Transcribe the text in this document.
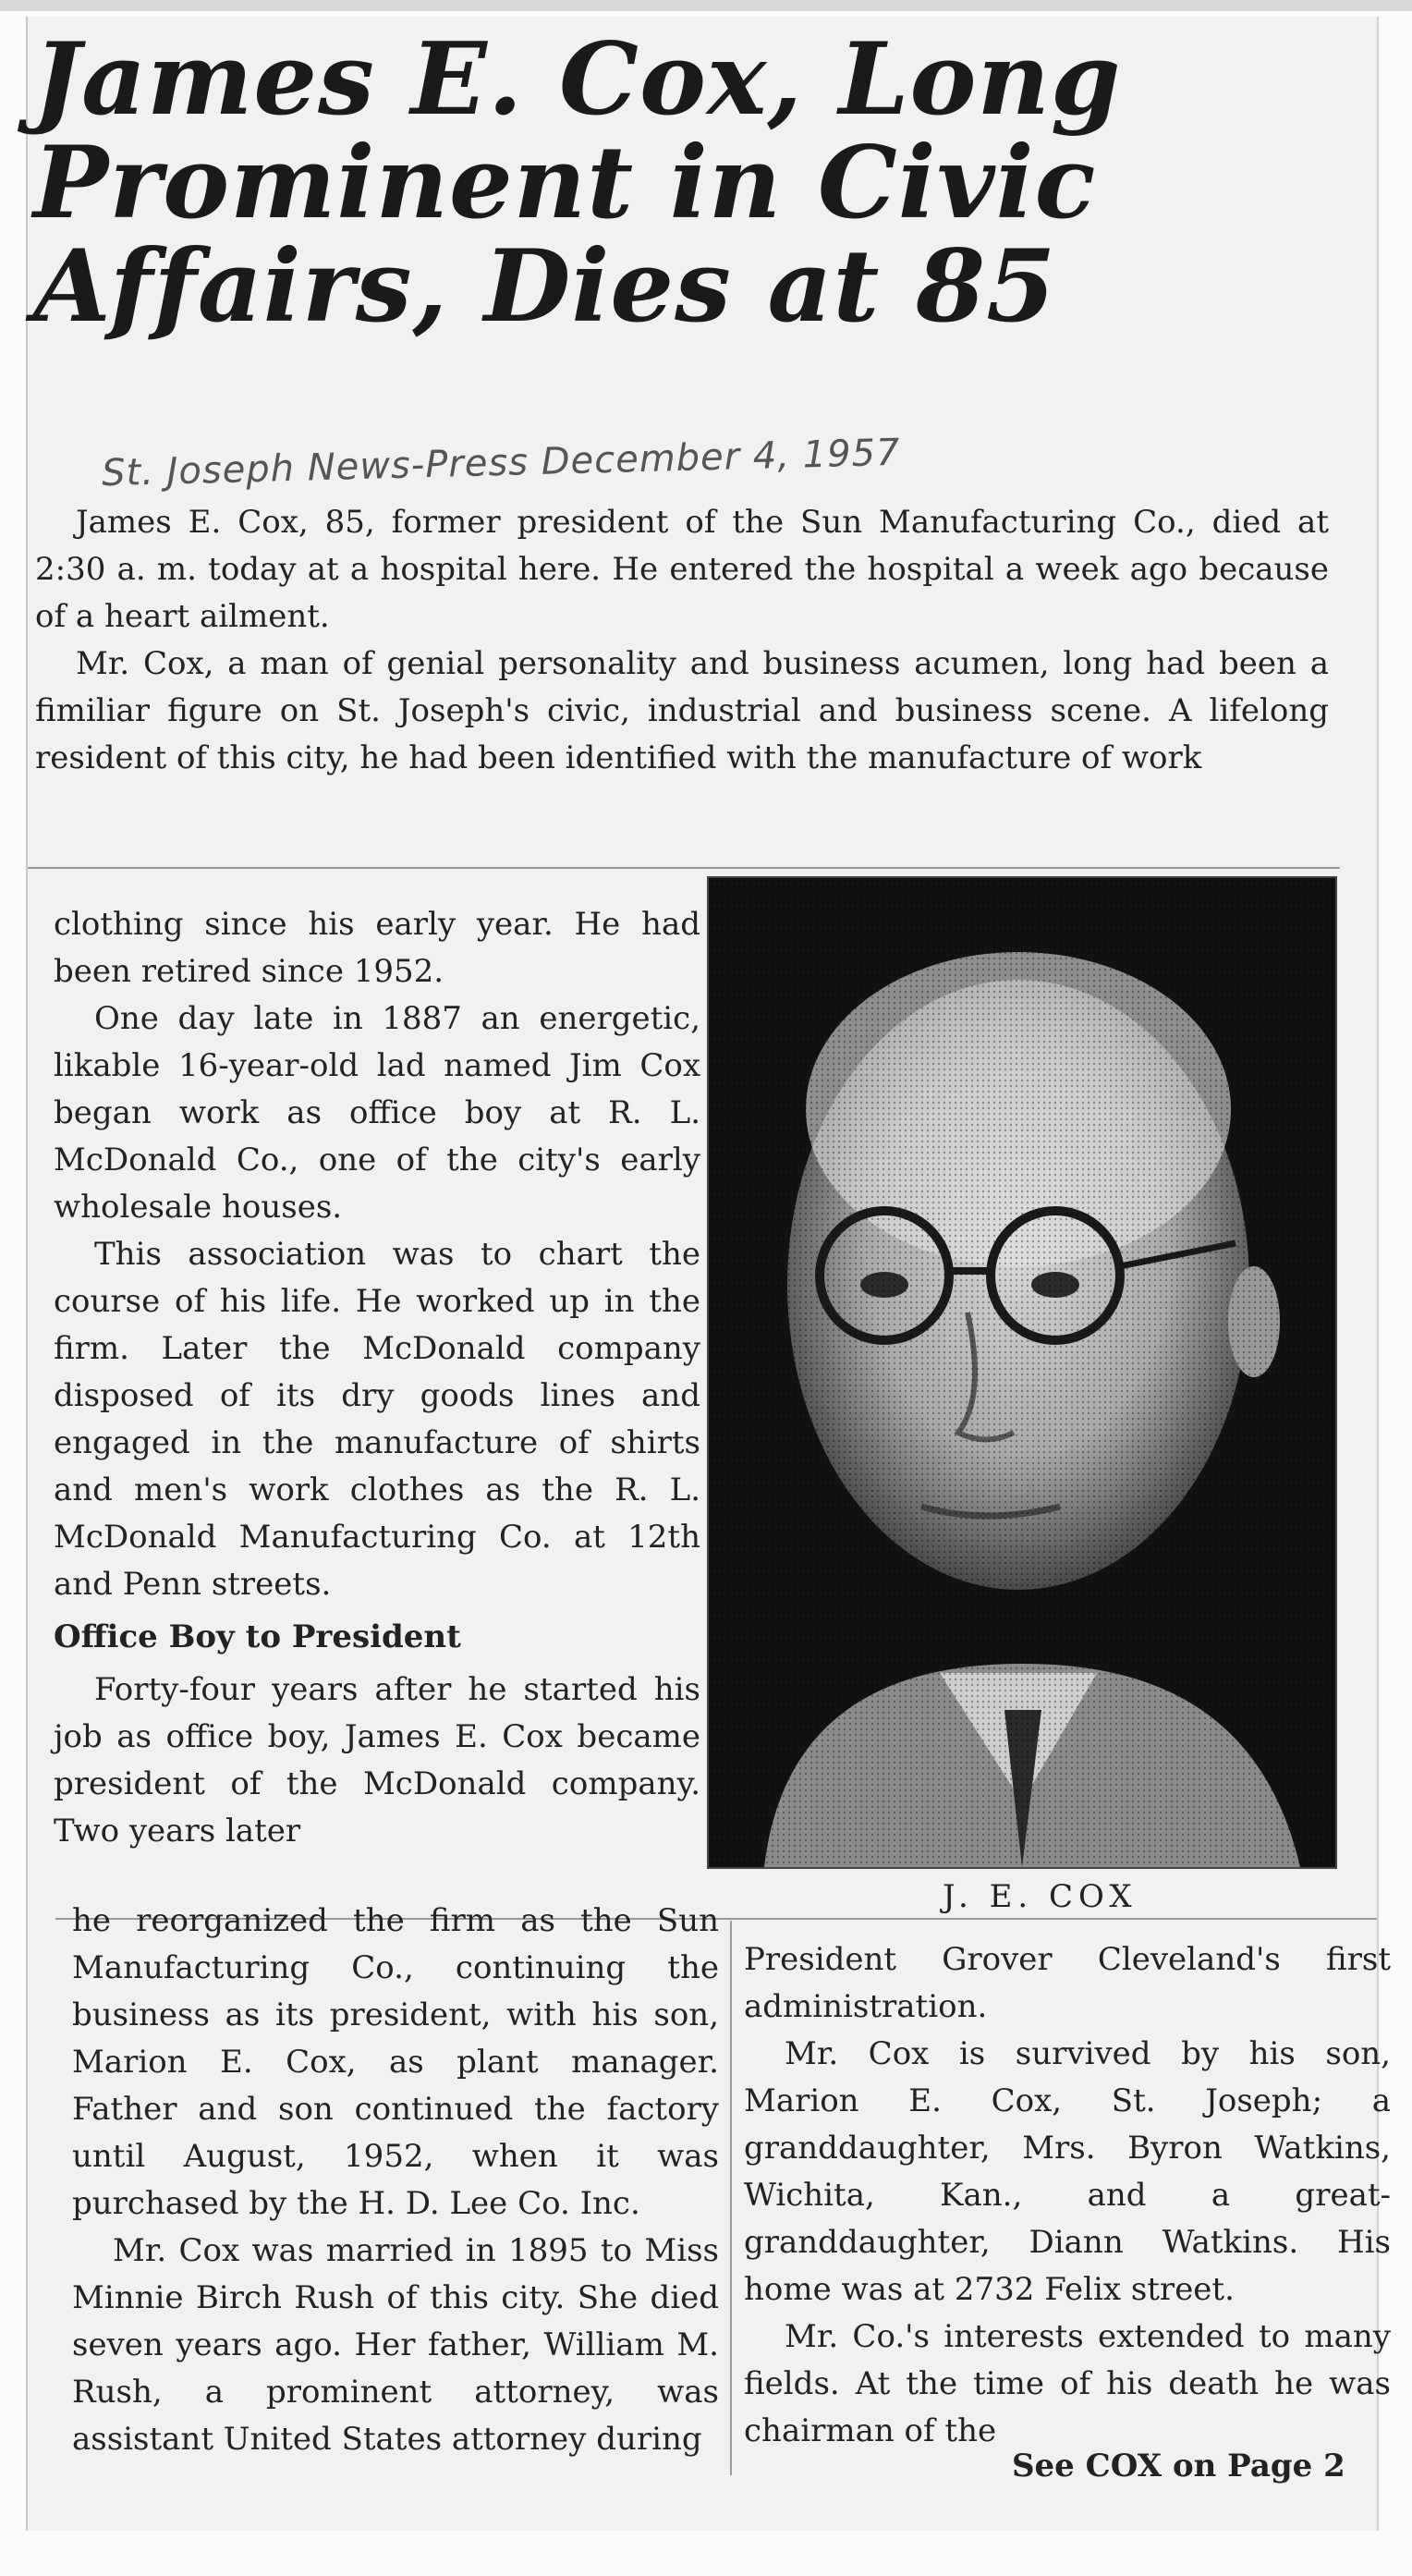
James E. Cox, Long
Prominent in Civic
Affairs, Dies at 85
St. Joseph News-Press December 4, 1957

James E. Cox, 85, former president of the Sun Manufacturing Co., died at 2:30 a. m. today at a hospital here. He entered the hospital a week ago because of a heart ailment.

Mr. Cox, a man of genial personality and business acumen, long had been a fimiliar figure on St. Joseph's civic, industrial and business scene. A lifelong resident of this city, he had been identified with the manufacture of work

clothing since his early year. He had been retired since 1952.

One day late in 1887 an energetic, likable 16-year-old lad named Jim Cox began work as office boy at R. L. McDonald Co., one of the city's early wholesale houses.

This association was to chart the course of his life. He worked up in the firm. Later the McDonald company disposed of its dry goods lines and engaged in the manufacture of shirts and men's work clothes as the R. L. McDonald Manufacturing Co. at 12th and Penn streets.

Office Boy to President

Forty-four years after he started his job as office boy, James E. Cox became president of the McDonald company. Two years later

J. E. COX

he reorganized the firm as the Sun Manufacturing Co., continuing the business as its president, with his son, Marion E. Cox, as plant manager. Father and son continued the factory until August, 1952, when it was purchased by the H. D. Lee Co. Inc.

Mr. Cox was married in 1895 to Miss Minnie Birch Rush of this city. She died seven years ago. Her father, William M. Rush, a prominent attorney, was assistant United States attorney during

President Grover Cleveland's first administration.

Mr. Cox is survived by his son, Marion E. Cox, St. Joseph; a granddaughter, Mrs. Byron Watkins, Wichita, Kan., and a great-granddaughter, Diann Watkins. His home was at 2732 Felix street.

Mr. Co.'s interests extended to many fields. At the time of his death he was chairman of the

See COX on Page 2
